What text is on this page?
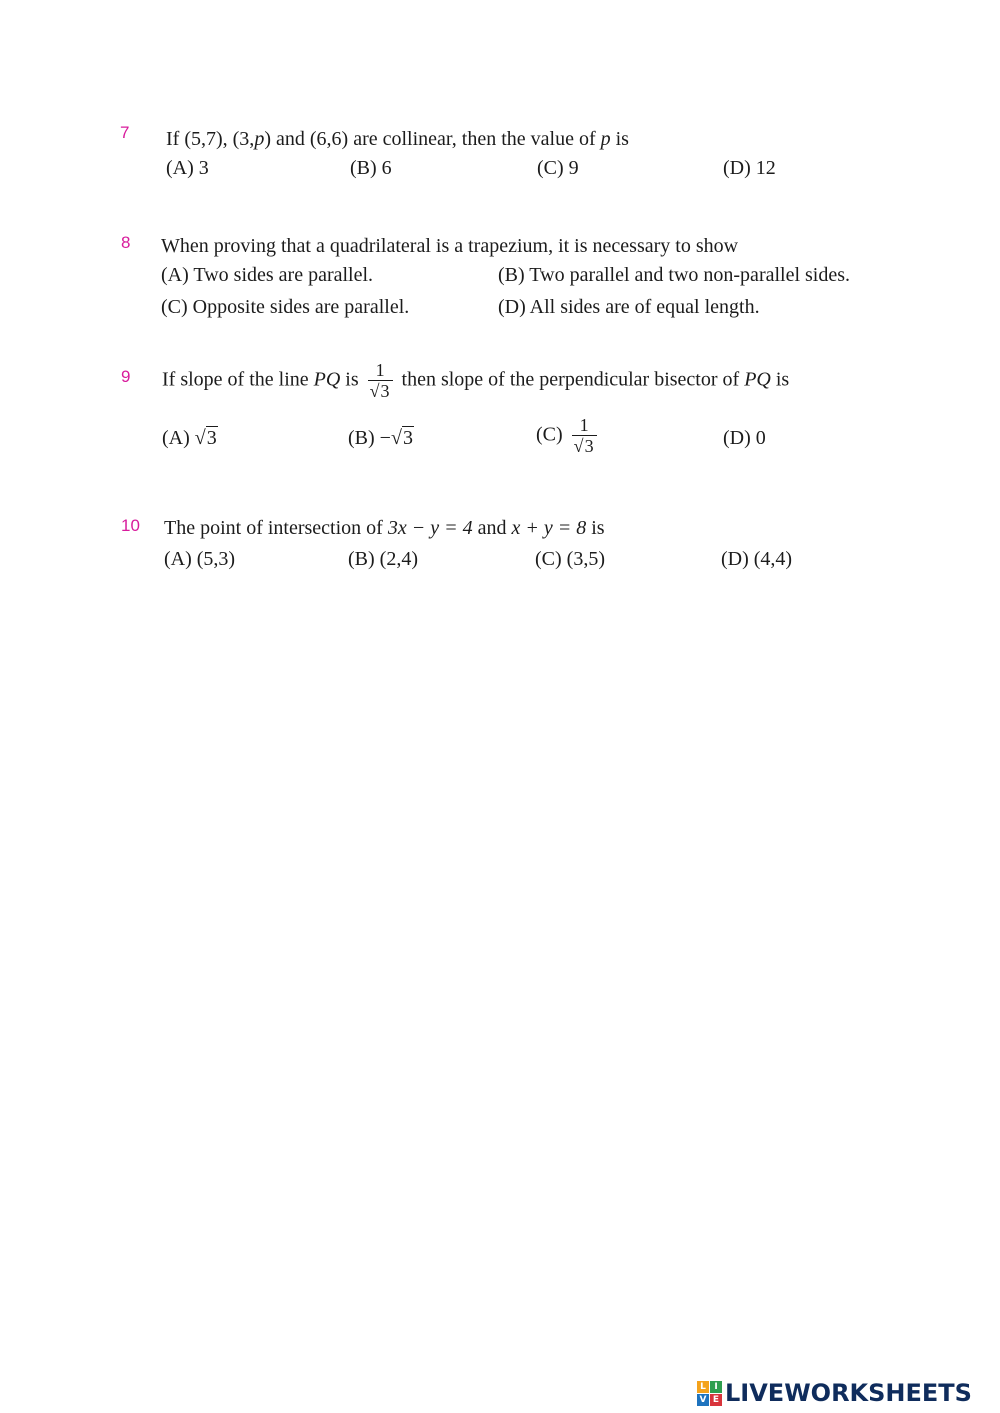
7 If (5,7), (3,p) and (6,6) are collinear, then the value of p is
(A) 3	(B) 6	(C) 9	(D) 12
8 When proving that a quadrilateral is a trapezium, it is necessary to show
(A) Two sides are parallel.	(B) Two parallel and two non-parallel sides.
(C) Opposite sides are parallel.	(D) All sides are of equal length.
9 If slope of the line PQ is $\frac{1}{√3}$ then slope of the perpendicular bisector of PQ is
(A) √3	(B) −√3	$(C) \frac{1}{√3}$	(D) 0
10 The point of intersection of 3x − y = 4 and x + y = 8 is
(A) (5,3)	(B) (2,4)	(C) (3,5)	(D) (4,4)
L I
V E LIVEWORKSHEETS
